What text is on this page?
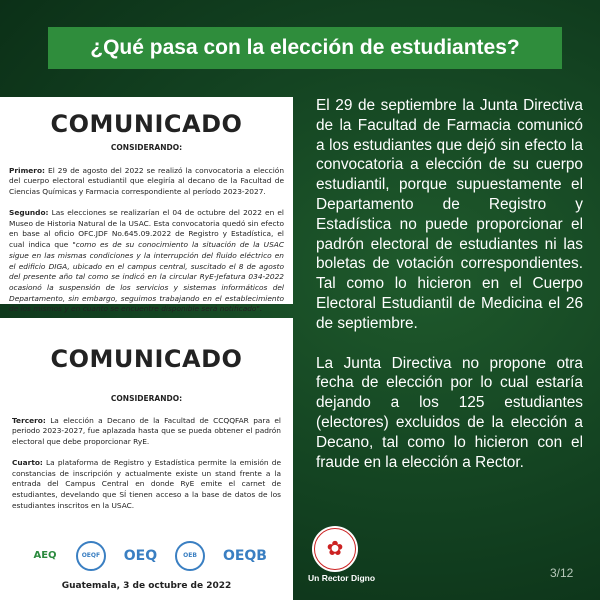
¿Qué pasa con la elección de estudiantes?
COMUNICADO
CONSIDERANDO:

Primero: El 29 de agosto del 2022 se realizó la convocatoria a elección del cuerpo electoral estudiantil que elegiría al decano de la Facultad de Ciencias Químicas y Farmacia correspondiente al período 2023-2027.

Segundo: Las elecciones se realizarían el 04 de octubre del 2022 en el Museo de Historia Natural de la USAC. Esta convocatoria quedó sin efecto en base al oficio OFC.JDF No.645.09.2022 de Registro y Estadística, el cual indica que "como es de su conocimiento la situación de la USAC sigue en las mismas condiciones y la interrupción del fluido eléctrico en el edificio DIGA, ubicado en el campus central, suscitado el 8 de agosto del presente año tal como se indicó en la circular RyE-Jefatura 034-2022 ocasionó la suspensión de los servicios y sistemas informáticos del Departamento, sin embargo, seguimos trabajando en el establecimiento de los mismos y en cuanto se encuentre disponible será notificado".

COMUNICADO
CONSIDERANDO:

Tercero: La elección a Decano de la Facultad de CCQQFAR para el periodo 2023-2027, fue aplazada hasta que se pueda obtener el padrón electoral que debe proporcionar RyE.

Cuarto: La plataforma de Registro y Estadística permite la emisión de constancias de inscripción y actualmente existe un stand frente a la entrada del Campus Central en donde RyE emite el carnet de estudiantes, develando que SÍ tienen acceso a la base de datos de los estudiantes inscritos en la USAC.

AEQ	OEQF	OEQ	OEB	OEQB
Guatemala, 3 de octubre de 2022

El 29 de septiembre la Junta Directiva de la Facultad de Farmacia comunicó a los estudiantes que dejó sin efecto la convocatoria a elección de su cuerpo estudiantil, porque supuestamente el Departamento de Registro y Estadística no puede proporcionar el padrón electoral de estudiantes ni las boletas de votación correspondientes. Tal como lo hicieron en el Cuerpo Electoral Estudiantil de Medicina el 26 de septiembre.

La Junta Directiva no propone otra fecha de elección por lo cual estaría dejando a los 125 estudiantes (electores) excluidos de la elección a Decano, tal como lo hicieron con el fraude en la elección a Rector.

✿
Un Rector Digno	3/12
